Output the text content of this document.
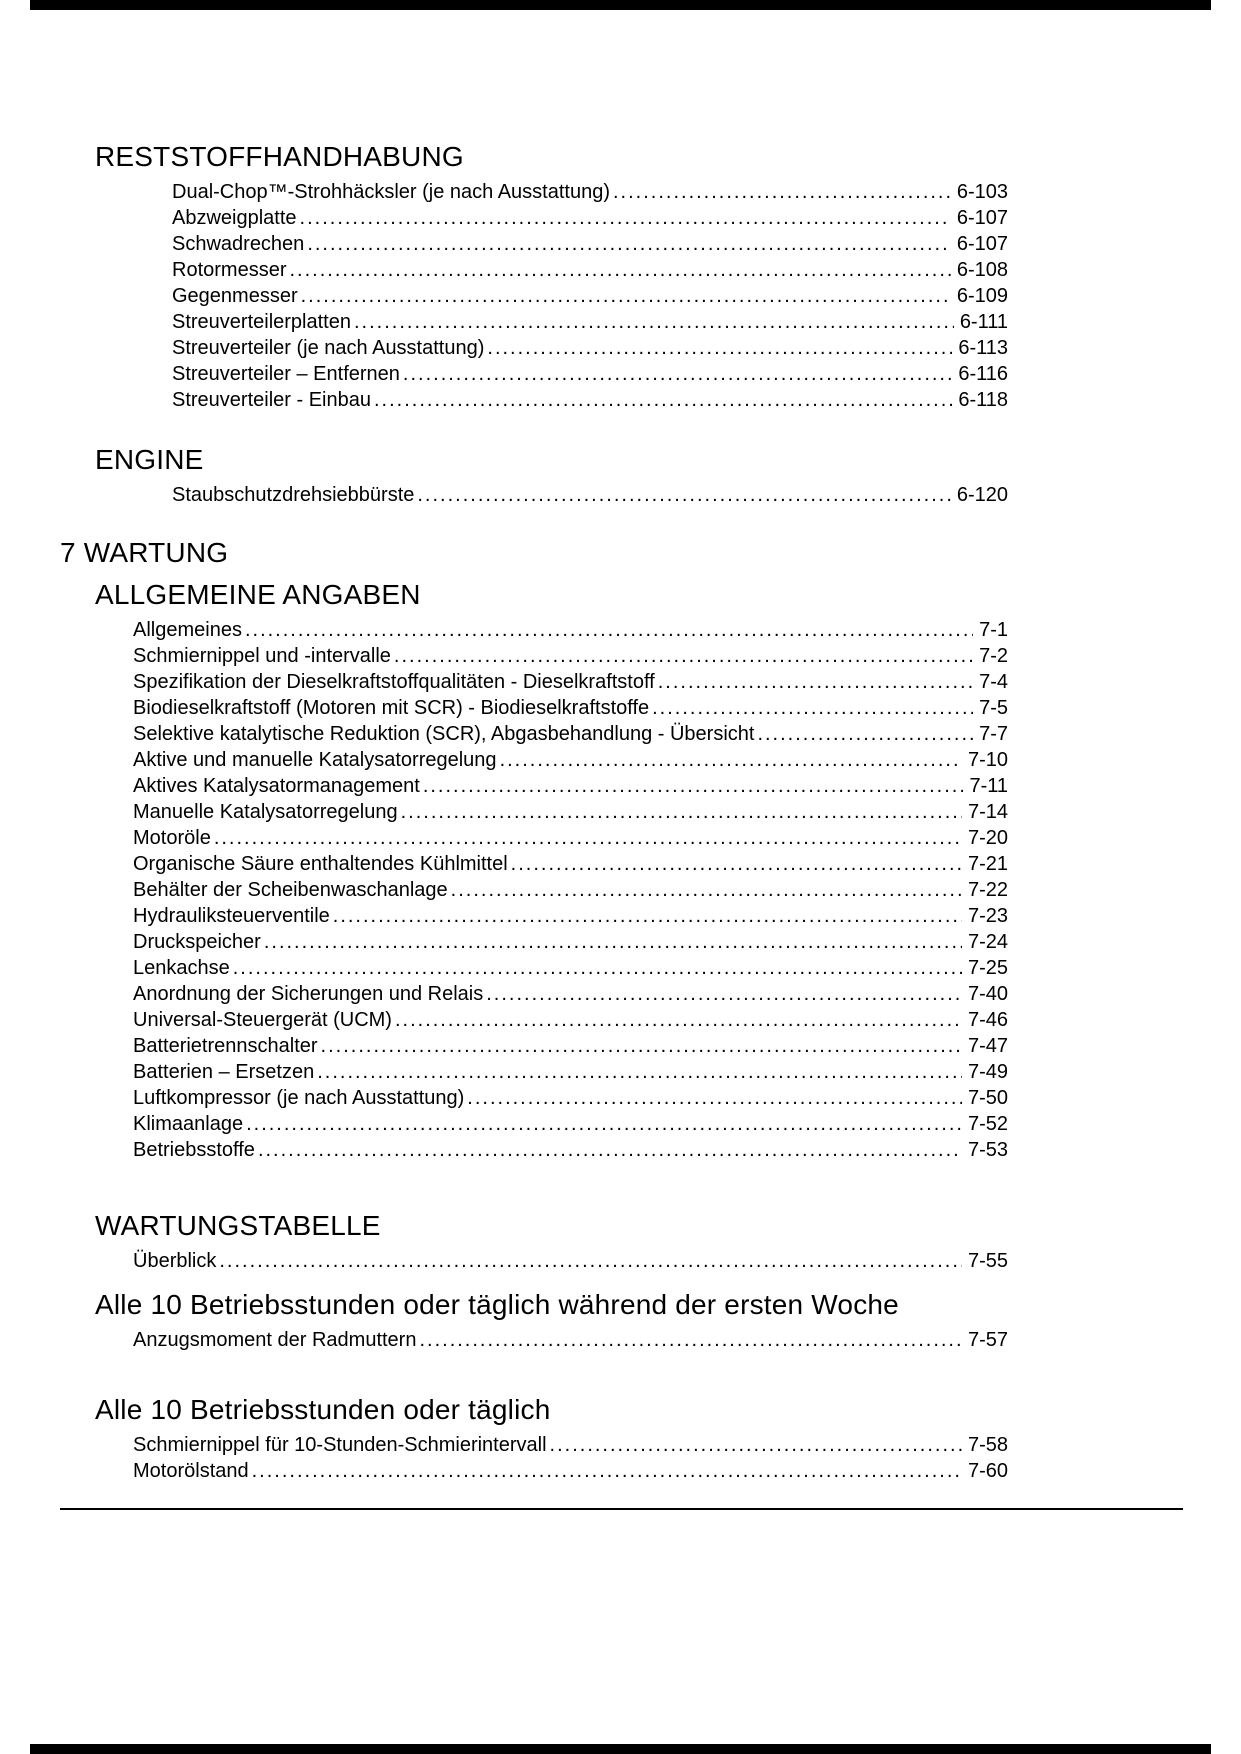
RESTSTOFFHANDHABUNG
Dual-Chop™-Strohhäcksler (je nach Ausstattung) .....	6-103
Abzweigplatte .....	6-107
Schwadrechen .....	6-107
Rotormesser .....	6-108
Gegenmesser .....	6-109
Streuverteilerplatten .....	6-111
Streuverteiler (je nach Ausstattung) .....	6-113
Streuverteiler – Entfernen .....	6-116
Streuverteiler - Einbau .....	6-118
ENGINE
Staubschutzdrehsiebbürste .....	6-120
7 WARTUNG
ALLGEMEINE ANGABEN
Allgemeines .....	7-1
Schmiernippel und -intervalle .....	7-2
Spezifikation der Dieselkraftstoffqualitäten - Dieselkraftstoff .....	7-4
Biodieselkraftstoff (Motoren mit SCR) - Biodieselkraftstoffe .....	7-5
Selektive katalytische Reduktion (SCR), Abgasbehandlung - Übersicht .....	7-7
Aktive und manuelle Katalysatorregelung .....	7-10
Aktives Katalysatormanagement .....	7-11
Manuelle Katalysatorregelung .....	7-14
Motoröle .....	7-20
Organische Säure enthaltendes Kühlmittel .....	7-21
Behälter der Scheibenwaschanlage .....	7-22
Hydrauliksteuerventile .....	7-23
Druckspeicher .....	7-24
Lenkachse .....	7-25
Anordnung der Sicherungen und Relais .....	7-40
Universal-Steuergerät (UCM) .....	7-46
Batterietrennschalter .....	7-47
Batterien – Ersetzen .....	7-49
Luftkompressor (je nach Ausstattung) .....	7-50
Klimaanlage .....	7-52
Betriebsstoffe .....	7-53
WARTUNGSTABELLE
Überblick .....	7-55
Alle 10 Betriebsstunden oder täglich während der ersten Woche
Anzugsmoment der Radmuttern .....	7-57
Alle 10 Betriebsstunden oder täglich
Schmiernippel für 10-Stunden-Schmierintervall .....	7-58
Motorölstand .....	7-60
